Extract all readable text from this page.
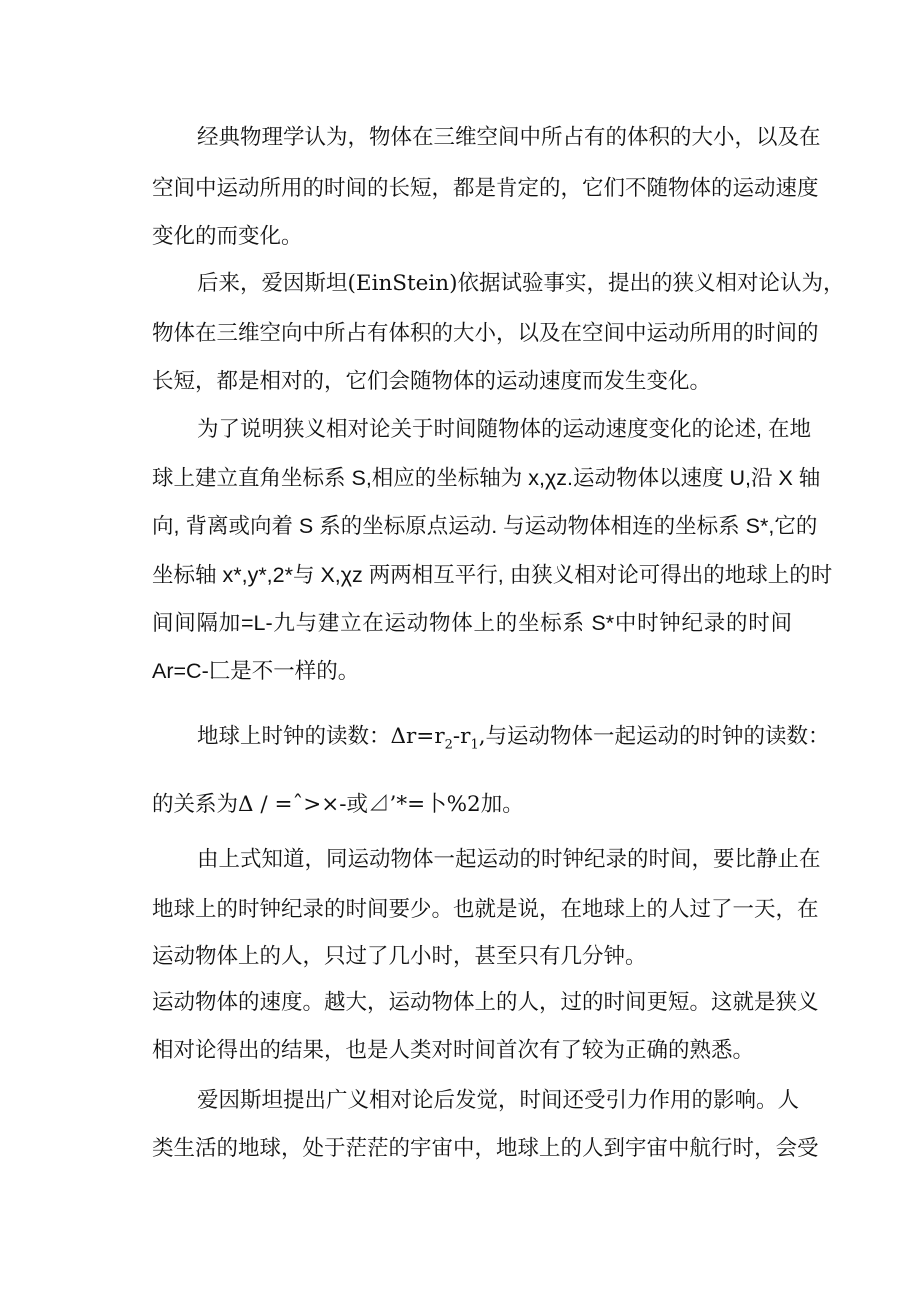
经典物理学认为，物体在三维空间中所占有的体积的大小，以及在
空间中运动所用的时间的长短，都是肯定的，它们不随物体的运动速度
变化的而变化。
后来，爱因斯坦(EinStein)依据试验事实，提出的狭义相对论认为，
物体在三维空向中所占有体积的大小，以及在空间中运动所用的时间的
长短，都是相对的，它们会随物体的运动速度而发生变化。
为了说明狭义相对论关于时间随物体的运动速度变化的论述, 在地
球上建立直角坐标系 S,相应的坐标轴为 x,χz.运动物体以速度 U,沿 X 轴
向, 背离或向着 S 系的坐标原点运动. 与运动物体相连的坐标系 S*,它的
坐标轴 x*,y*,2*与 X,χz 两两相互平行, 由狭义相对论可得出的地球上的时
间间隔加=L-九与建立在运动物体上的坐标系 S*中时钟纪录的时间
Ar=C-匚是不一样的。
地球上时钟的读数：$\Delta r=r_2-r_1$,与运动物体一起运动的时钟的读数：
的关系为Δ / =ˆ>×-或⊿’*=卜%2加。
由上式知道，同运动物体一起运动的时钟纪录的时间，要比静止在
地球上的时钟纪录的时间要少。也就是说，在地球上的人过了一天，在
运动物体上的人，只过了几小时，甚至只有几分钟。
运动物体的速度。越大，运动物体上的人，过的时间更短。这就是狭义
相对论得出的结果，也是人类对时间首次有了较为正确的熟悉。
爱因斯坦提出广义相对论后发觉，时间还受引力作用的影响。人
类生活的地球，处于茫茫的宇宙中，地球上的人到宇宙中航行时，会受
